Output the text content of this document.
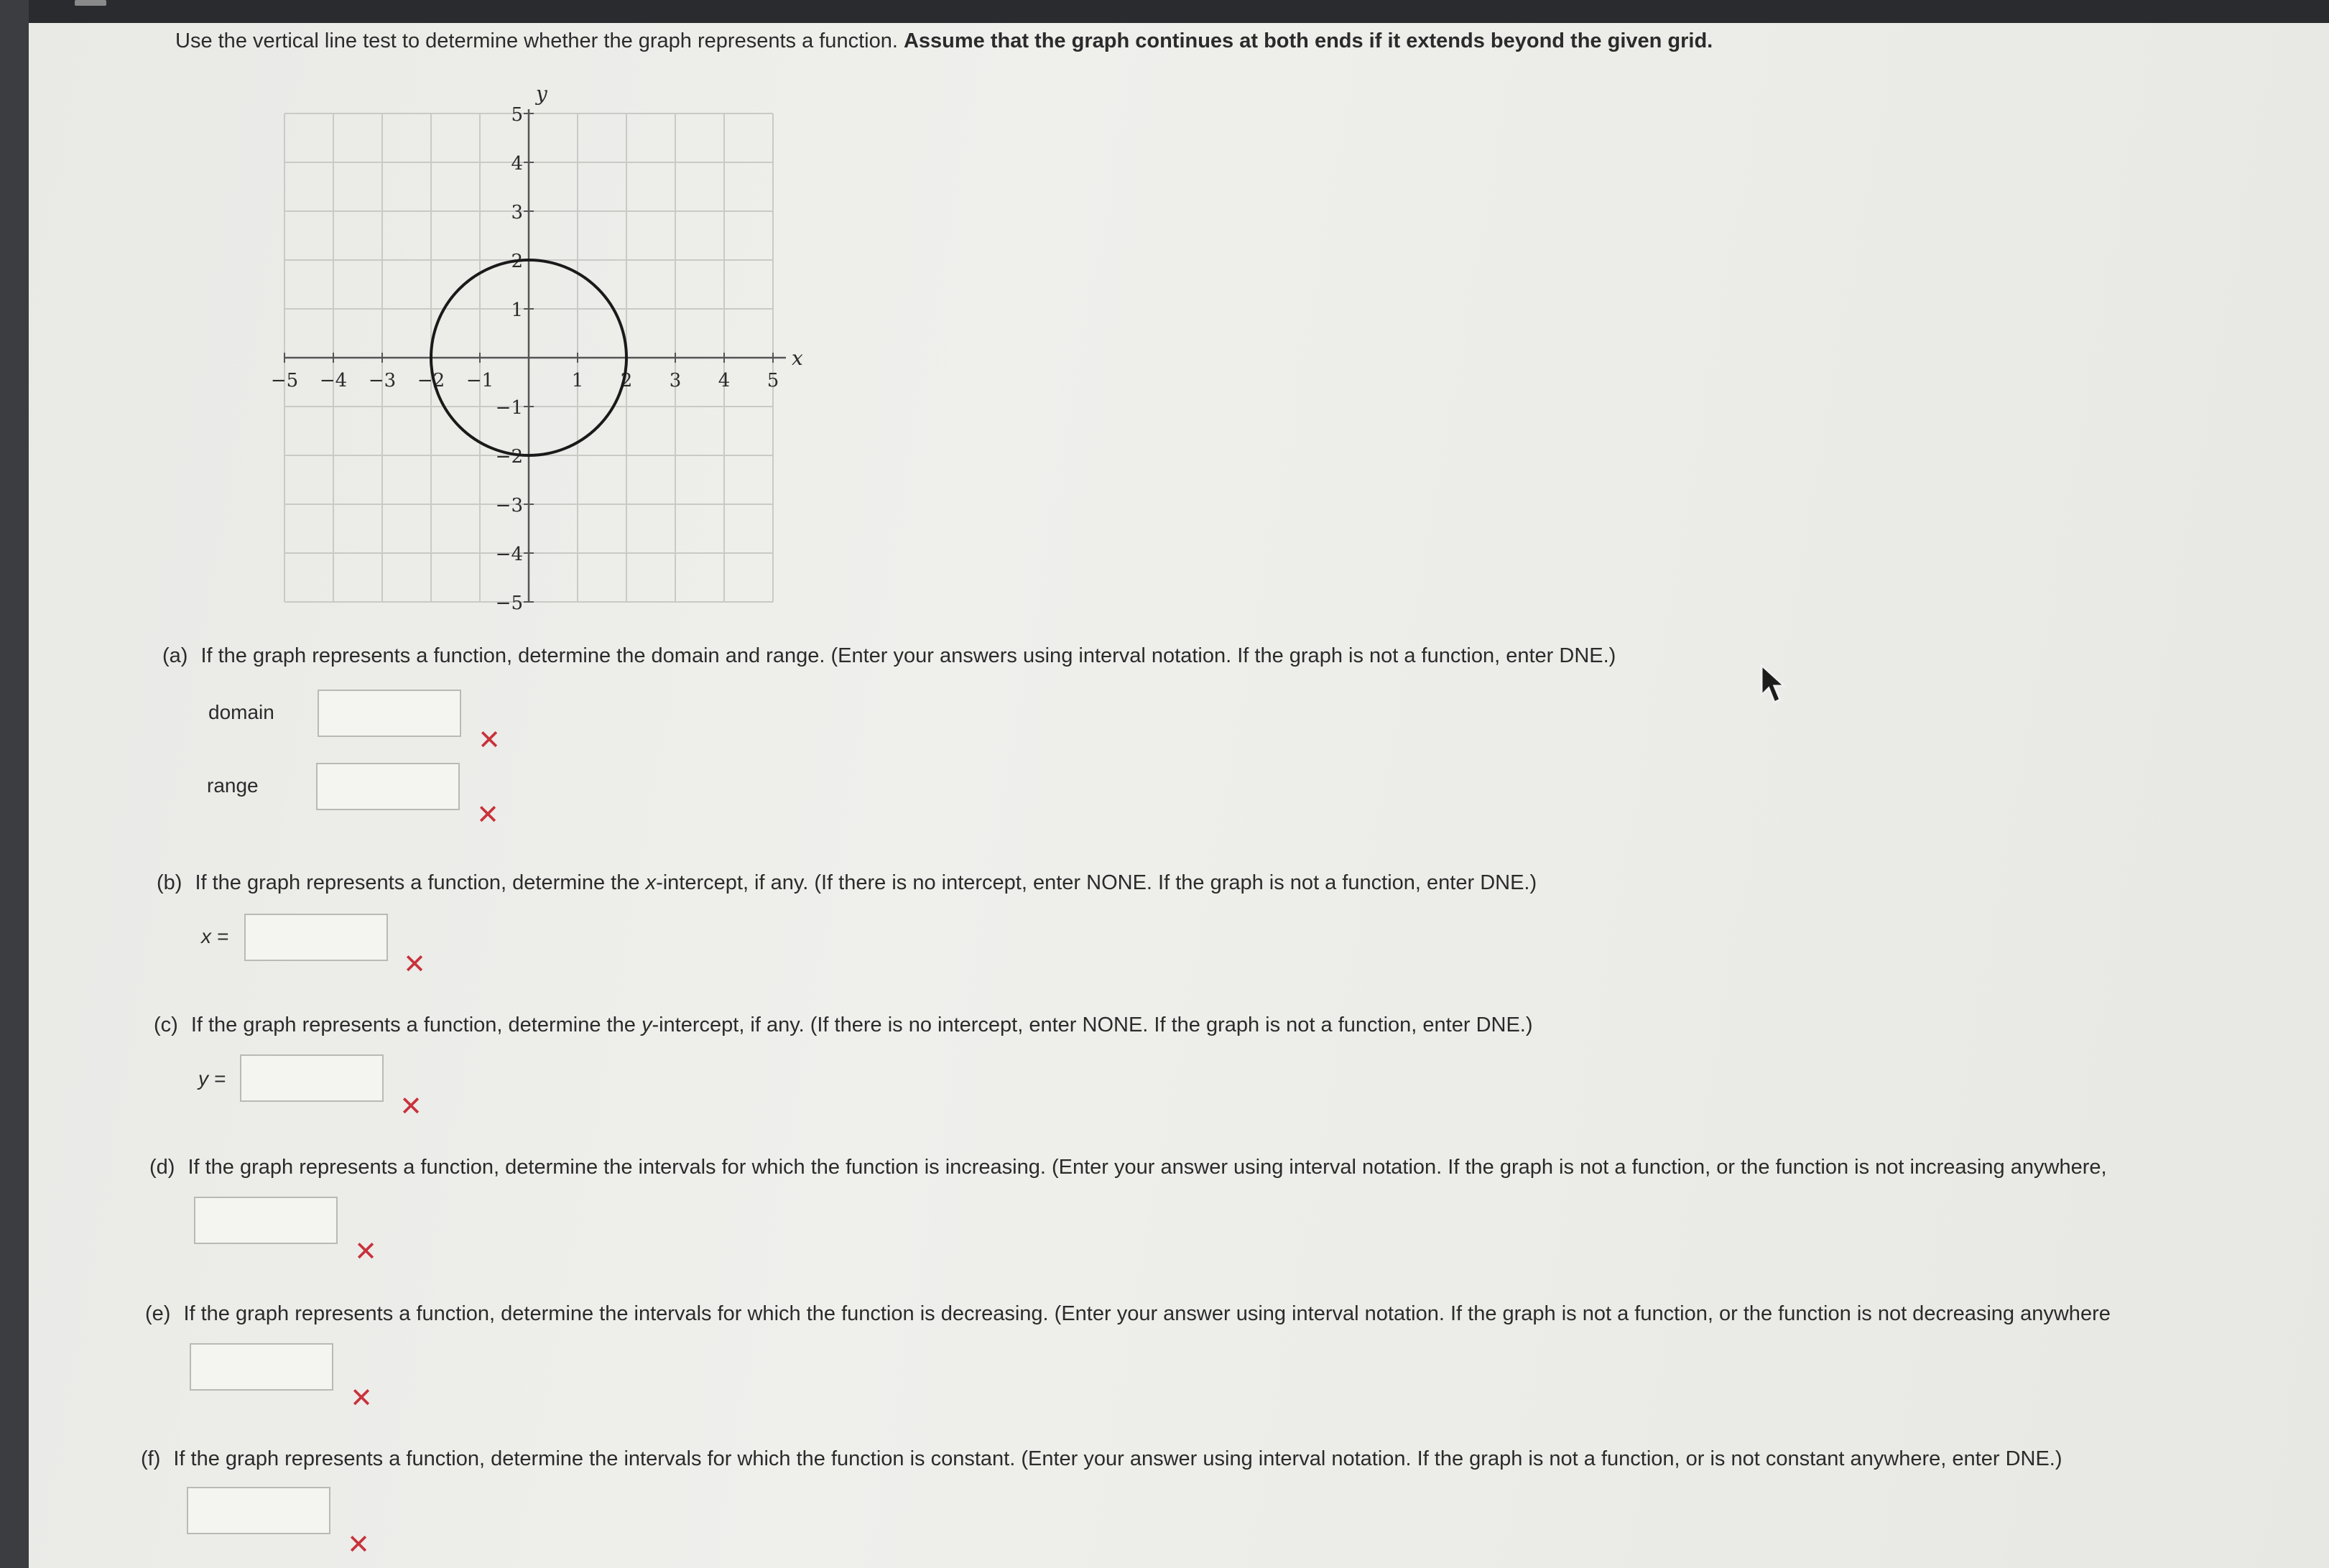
Use the vertical line test to determine whether the graph represents a function. Assume that the graph continues at both ends if it extends beyond the given grid.
−5 −4 −3 −2 −1	1 2 3 4 5
5
4
3
2
1
−1
−2
−3
−4
−5
x
y
(a) If the graph represents a function, determine the domain and range. (Enter your answers using interval notation. If the graph is not a function, enter DNE.)
domain
✕
range
✕
(b) If the graph represents a function, determine the x-intercept, if any. (If there is no intercept, enter NONE. If the graph is not a function, enter DNE.)
x =
✕
(c) If the graph represents a function, determine the y-intercept, if any. (If there is no intercept, enter NONE. If the graph is not a function, enter DNE.)
y =
✕
(d) If the graph represents a function, determine the intervals for which the function is increasing. (Enter your answer using interval notation. If the graph is not a function, or the function is not increasing anywhere,
✕
(e) If the graph represents a function, determine the intervals for which the function is decreasing. (Enter your answer using interval notation. If the graph is not a function, or the function is not decreasing anywhere
✕
(f) If the graph represents a function, determine the intervals for which the function is constant. (Enter your answer using interval notation. If the graph is not a function, or is not constant anywhere, enter DNE.)
✕
